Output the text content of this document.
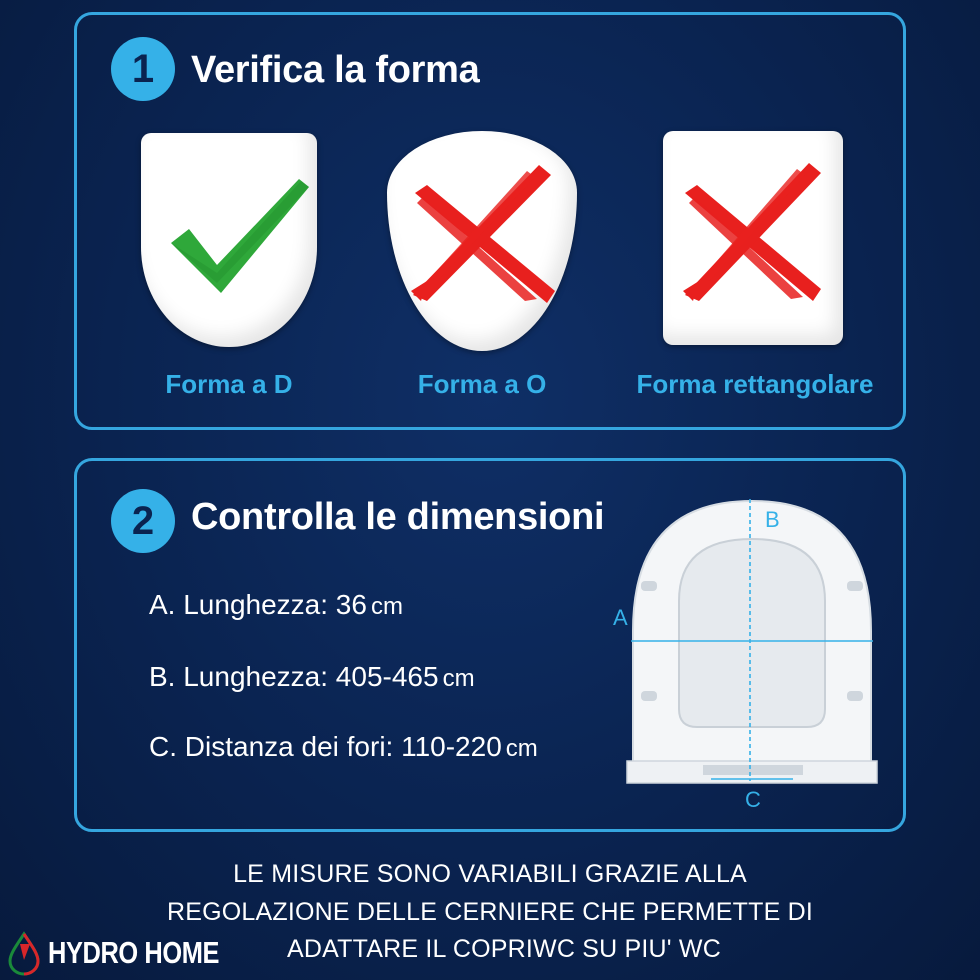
1 Verifica la forma
Forma a D	Forma a O	Forma rettangolare
2 Controlla le dimensioni
A. Lunghezza: 36 cm
B. Lunghezza: 405-465 cm
C. Distanza dei fori: 110-220 cm
B
A
C
LE MISURE SONO VARIABILI GRAZIE ALLA
REGOLAZIONE DELLE CERNIERE CHE PERMETTE DI
ADATTARE IL COPRIWC SU PIU' WC
HYDRO HOME
